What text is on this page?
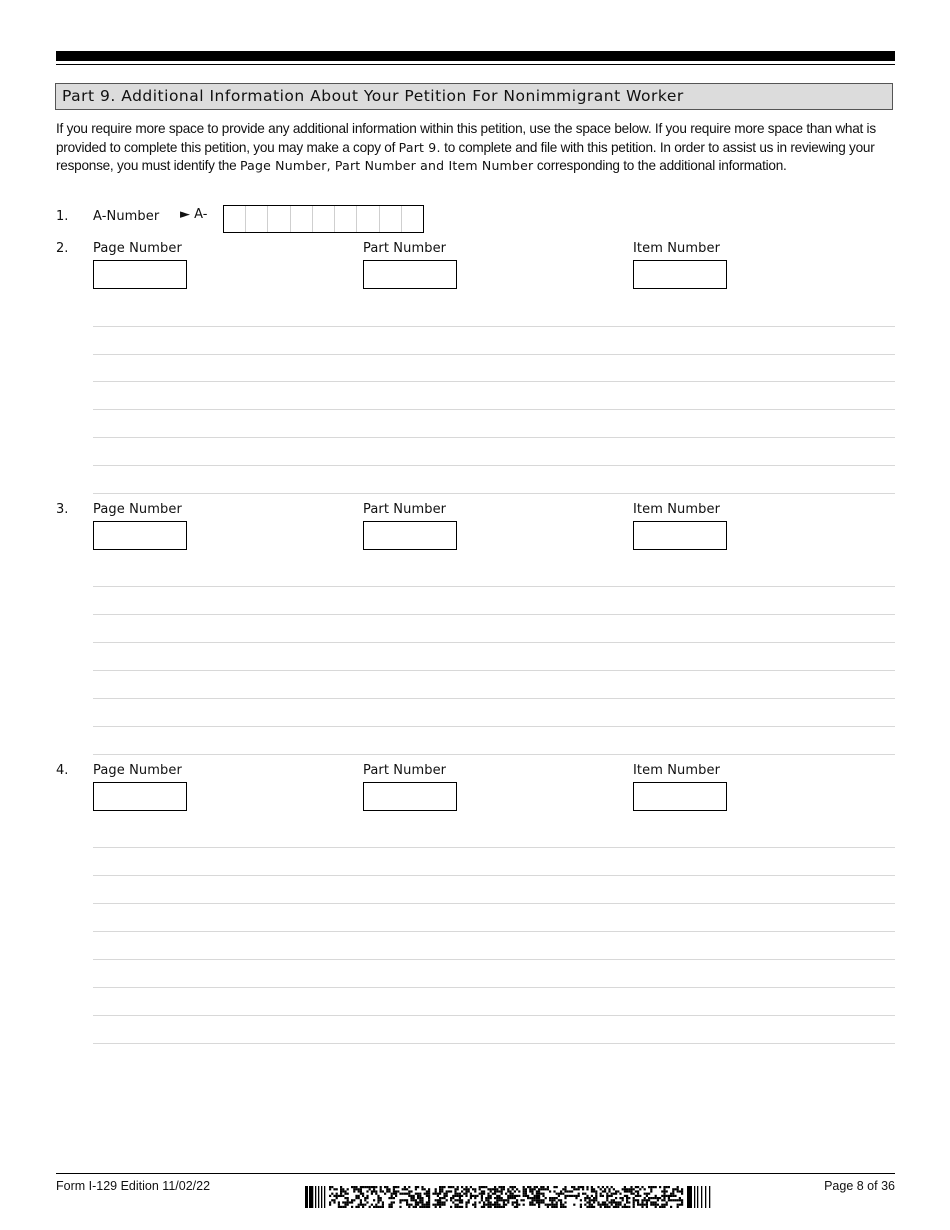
Part 9. Additional Information About Your Petition For Nonimmigrant Worker
If you require more space to provide any additional information within this petition, use the space below. If you require more space than what is provided to complete this petition, you may make a copy of Part 9. to complete and file with this petition. In order to assist us in reviewing your response, you must identify the Page Number, Part Number and Item Number corresponding to the additional information.
1. A-Number ► A-
2. Page Number	Part Number	Item Number
3. Page Number	Part Number	Item Number
4. Page Number	Part Number	Item Number
Form I-129 Edition 11/02/22	Page 8 of 36
